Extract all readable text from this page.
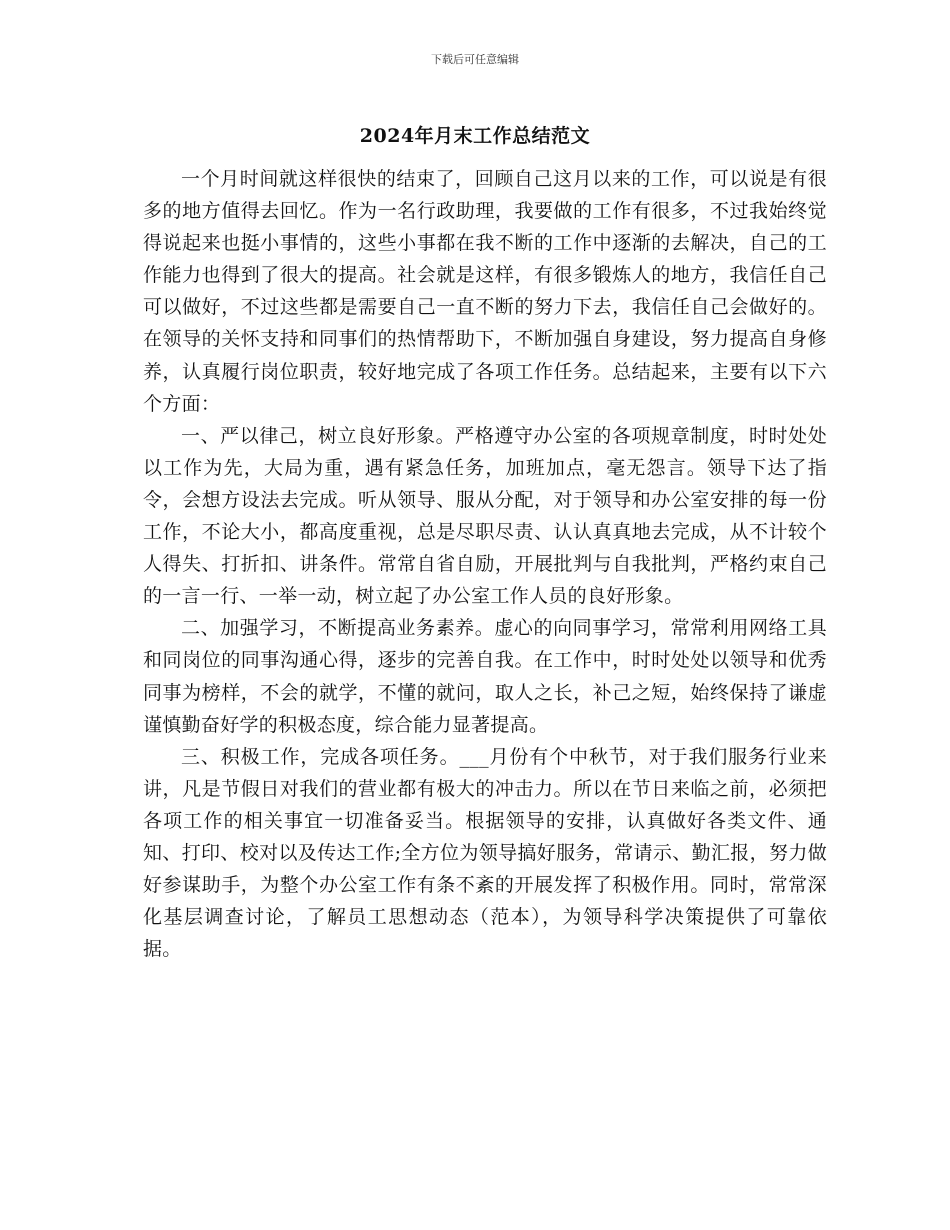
下载后可任意编辑
2024年月末工作总结范文

一个月时间就这样很快的结束了，回顾自己这月以来的工作，可以说是有很多的地方值得去回忆。作为一名行政助理，我要做的工作有很多，不过我始终觉得说起来也挺小事情的，这些小事都在我不断的工作中逐渐的去解决，自己的工作能力也得到了很大的提高。社会就是这样，有很多锻炼人的地方，我信任自己可以做好，不过这些都是需要自己一直不断的努力下去，我信任自己会做好的。在领导的关怀支持和同事们的热情帮助下，不断加强自身建设，努力提高自身修养，认真履行岗位职责，较好地完成了各项工作任务。总结起来，主要有以下六个方面：

一、严以律己，树立良好形象。严格遵守办公室的各项规章制度，时时处处以工作为先，大局为重，遇有紧急任务，加班加点，毫无怨言。领导下达了指令，会想方设法去完成。听从领导、服从分配，对于领导和办公室安排的每一份工作，不论大小，都高度重视，总是尽职尽责、认认真真地去完成，从不计较个人得失、打折扣、讲条件。常常自省自励，开展批判与自我批判，严格约束自己的一言一行、一举一动，树立起了办公室工作人员的良好形象。

二、加强学习，不断提高业务素养。虚心的向同事学习，常常利用网络工具和同岗位的同事沟通心得，逐步的完善自我。在工作中，时时处处以领导和优秀同事为榜样，不会的就学，不懂的就问，取人之长，补己之短，始终保持了谦虚谨慎勤奋好学的积极态度，综合能力显著提高。

三、积极工作，完成各项任务。___月份有个中秋节，对于我们服务行业来讲，凡是节假日对我们的营业都有极大的冲击力。所以在节日来临之前，必须把各项工作的相关事宜一切准备妥当。根据领导的安排，认真做好各类文件、通知、打印、校对以及传达工作;全方位为领导搞好服务，常请示、勤汇报，努力做好参谋助手，为整个办公室工作有条不紊的开展发挥了积极作用。同时，常常深化基层调查讨论，了解员工思想动态（范本），为领导科学决策提供了可靠依据。
